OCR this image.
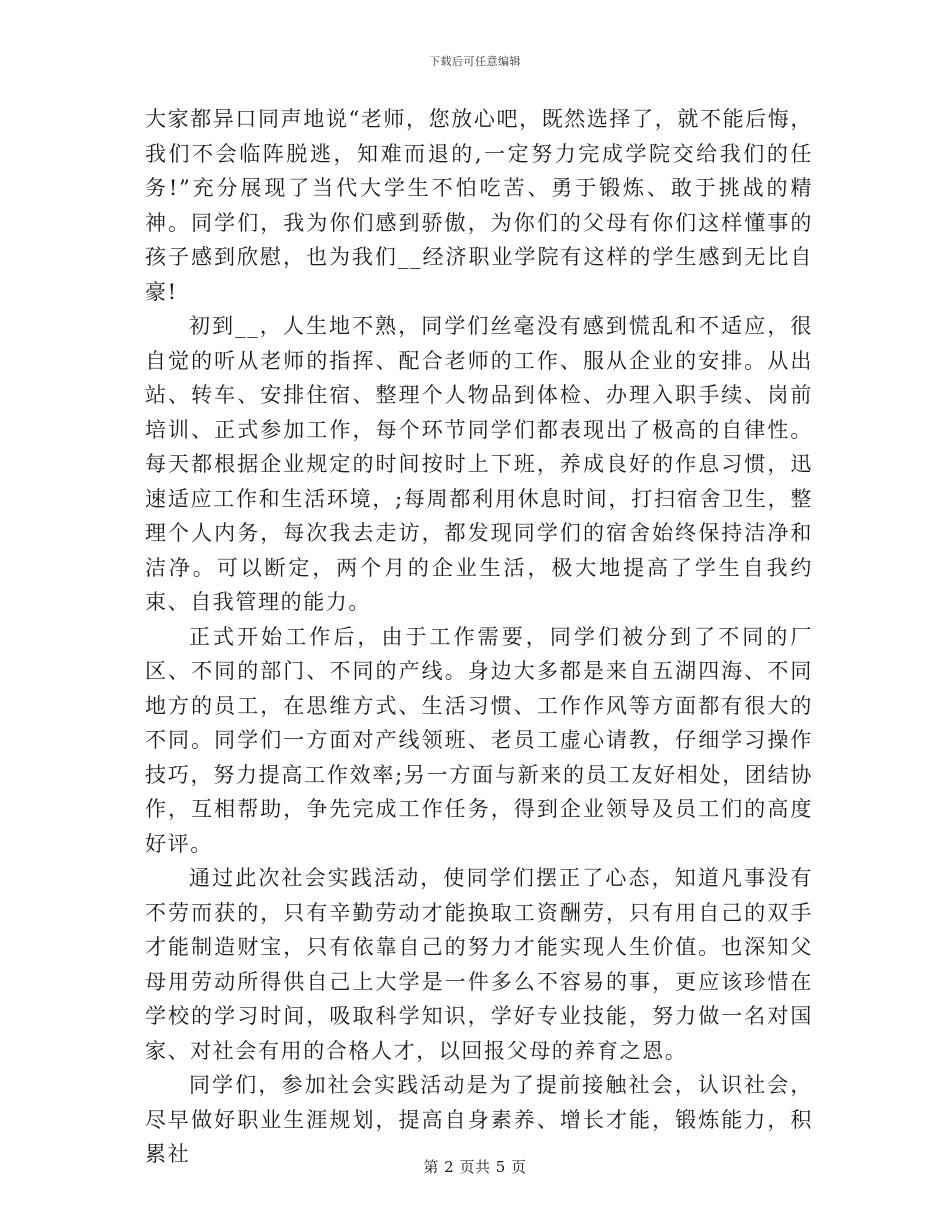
下载后可任意编辑

大家都异口同声地说“老师，您放心吧，既然选择了，就不能后悔，我们不会临阵脱逃，知难而退的,一定努力完成学院交给我们的任务!”充分展现了当代大学生不怕吃苦、勇于锻炼、敢于挑战的精神。同学们，我为你们感到骄傲，为你们的父母有你们这样懂事的孩子感到欣慰，也为我们__经济职业学院有这样的学生感到无比自豪!

初到__，人生地不熟，同学们丝毫没有感到慌乱和不适应，很自觉的听从老师的指挥、配合老师的工作、服从企业的安排。从出站、转车、安排住宿、整理个人物品到体检、办理入职手续、岗前培训、正式参加工作，每个环节同学们都表现出了极高的自律性。每天都根据企业规定的时间按时上下班，养成良好的作息习惯，迅速适应工作和生活环境，;每周都利用休息时间，打扫宿舍卫生，整理个人内务，每次我去走访，都发现同学们的宿舍始终保持洁净和洁净。可以断定，两个月的企业生活，极大地提高了学生自我约束、自我管理的能力。

正式开始工作后，由于工作需要，同学们被分到了不同的厂区、不同的部门、不同的产线。身边大多都是来自五湖四海、不同地方的员工，在思维方式、生活习惯、工作作风等方面都有很大的不同。同学们一方面对产线领班、老员工虚心请教，仔细学习操作技巧，努力提高工作效率;另一方面与新来的员工友好相处，团结协作，互相帮助，争先完成工作任务，得到企业领导及员工们的高度好评。

通过此次社会实践活动，使同学们摆正了心态，知道凡事没有不劳而获的，只有辛勤劳动才能换取工资酬劳，只有用自己的双手才能制造财宝，只有依靠自己的努力才能实现人生价值。也深知父母用劳动所得供自己上大学是一件多么不容易的事，更应该珍惜在学校的学习时间，吸取科学知识，学好专业技能，努力做一名对国家、对社会有用的合格人才，以回报父母的养育之恩。

同学们，参加社会实践活动是为了提前接触社会，认识社会，尽早做好职业生涯规划，提高自身素养、增长才能，锻炼能力，积累社

第 2 页共 5 页
